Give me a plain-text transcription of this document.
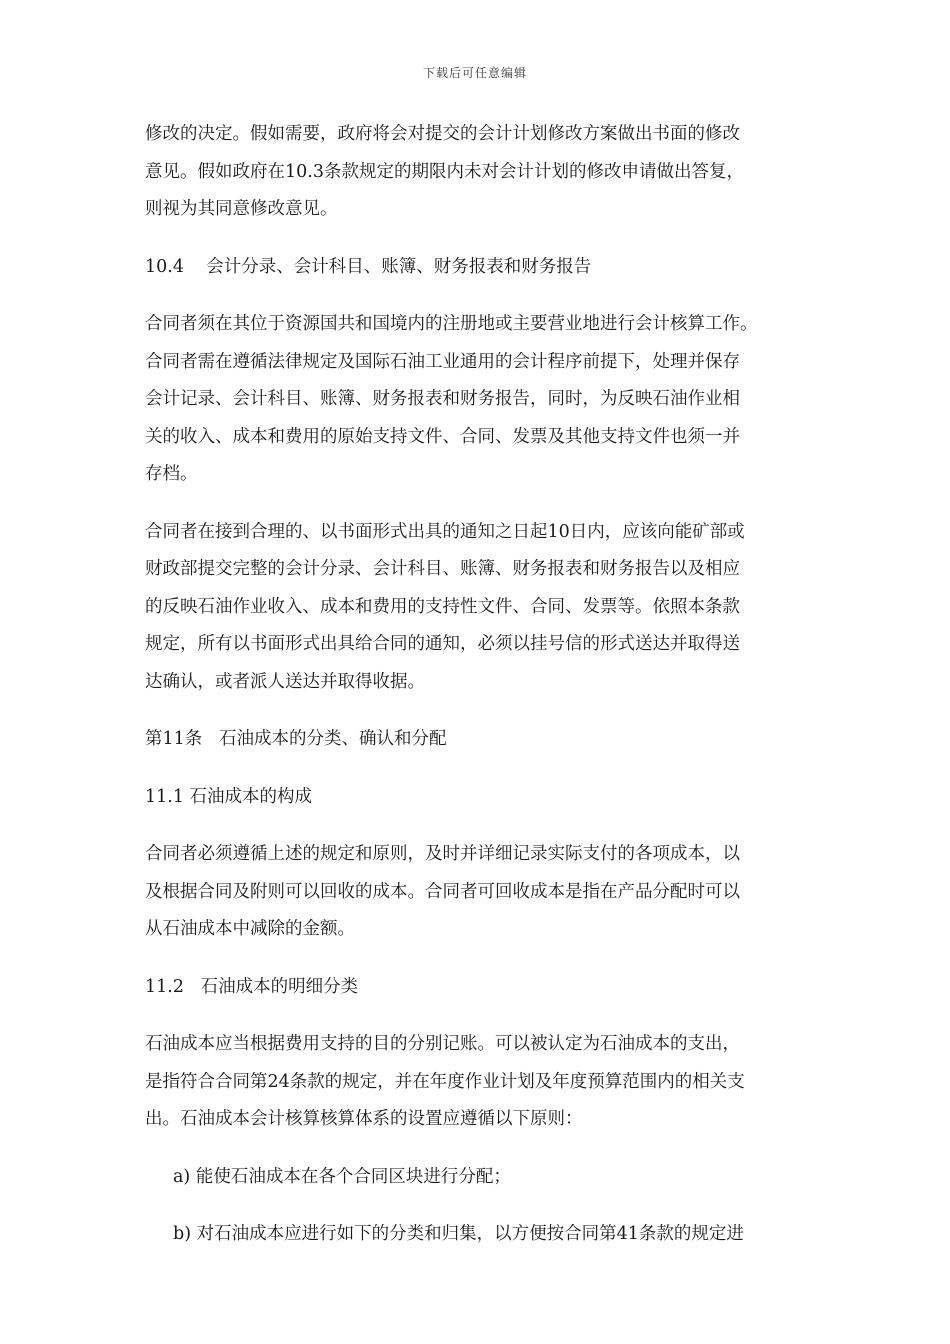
下载后可任意编辑
修改的决定。假如需要，政府将会对提交的会计计划修改方案做出书面的修改
意见。假如政府在10.3条款规定的期限内未对会计计划的修改申请做出答复，
则视为其同意修改意见。
10.4    会计分录、会计科目、账簿、财务报表和财务报告
合同者须在其位于资源国共和国境内的注册地或主要营业地进行会计核算工作。
合同者需在遵循法律规定及国际石油工业通用的会计程序前提下，处理并保存
会计记录、会计科目、账簿、财务报表和财务报告，同时，为反映石油作业相
关的收入、成本和费用的原始支持文件、合同、发票及其他支持文件也须一并
存档。
合同者在接到合理的、以书面形式出具的通知之日起10日内，应该向能矿部或
财政部提交完整的会计分录、会计科目、账簿、财务报表和财务报告以及相应
的反映石油作业收入、成本和费用的支持性文件、合同、发票等。依照本条款
规定，所有以书面形式出具给合同的通知，必须以挂号信的形式送达并取得送
达确认，或者派人送达并取得收据。
第11条   石油成本的分类、确认和分配
11.1 石油成本的构成
合同者必须遵循上述的规定和原则，及时并详细记录实际支付的各项成本，以
及根据合同及附则可以回收的成本。合同者可回收成本是指在产品分配时可以
从石油成本中减除的金额。
11.2   石油成本的明细分类
石油成本应当根据费用支持的目的分别记账。可以被认定为石油成本的支出，
是指符合合同第24条款的规定，并在年度作业计划及年度预算范围内的相关支
出。石油成本会计核算核算体系的设置应遵循以下原则：
a) 能使石油成本在各个合同区块进行分配；
b) 对石油成本应进行如下的分类和归集，以方便按合同第41条款的规定进
